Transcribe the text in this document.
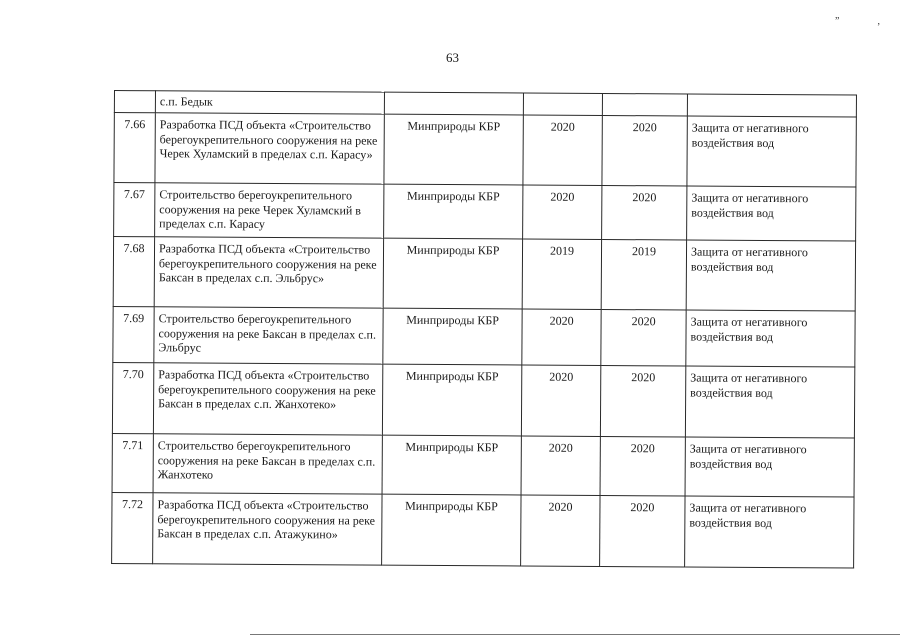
”,
63
	с.п. Бедык				
7.66	Разработка ПСД объекта «Строительство берегоукрепительного сооружения на реке Черек Хуламский в пределах с.п. Карасу»	Минприроды КБР	2020	2020	Защита от негативного воздействия вод
7.67	Строительство берегоукрепительного сооружения на реке Черек Хуламский в пределах с.п. Карасу	Минприроды КБР	2020	2020	Защита от негативного воздействия вод
7.68	Разработка ПСД объекта «Строительство берегоукрепительного сооружения на реке Баксан в пределах с.п. Эльбрус»	Минприроды КБР	2019	2019	Защита от негативного воздействия вод
7.69	Строительство берегоукрепительного сооружения на реке Баксан в пределах с.п. Эльбрус	Минприроды КБР	2020	2020	Защита от негативного воздействия вод
7.70	Разработка ПСД объекта «Строительство берегоукрепительного сооружения на реке Баксан в пределах с.п. Жанхотеко»	Минприроды КБР	2020	2020	Защита от негативного воздействия вод
7.71	Строительство берегоукрепительного сооружения на реке Баксан в пределах с.п. Жанхотеко	Минприроды КБР	2020	2020	Защита от негативного воздействия вод
7.72	Разработка ПСД объекта «Строительство берегоукрепительного сооружения на реке Баксан в пределах с.п. Атажукино»	Минприроды КБР	2020	2020	Защита от негативного воздействия вод
